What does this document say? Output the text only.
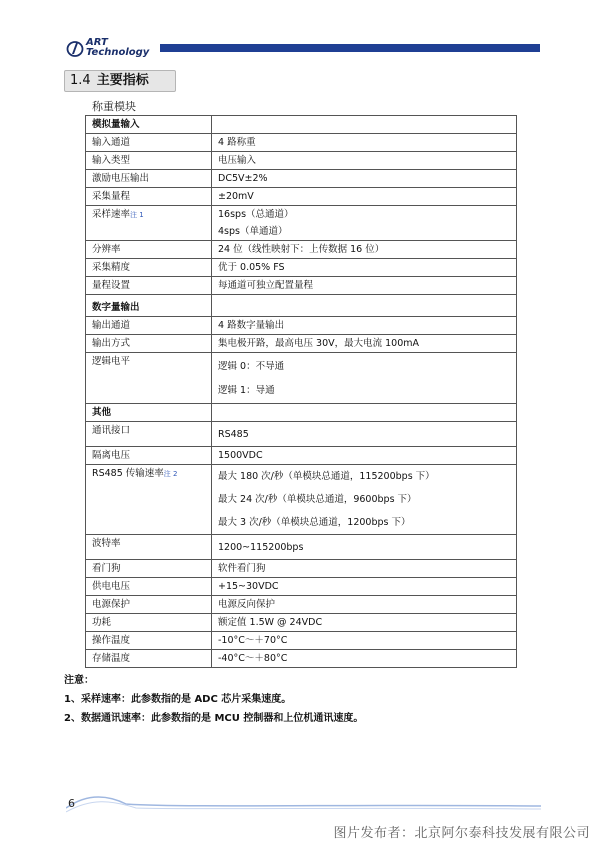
ART
Technology
1.4 主要指标
称重模块
模拟量输入	
输入通道	4 路称重
输入类型	电压输入
激励电压输出	DC5V±2%
采集量程	±20mV
采样速率注 1	16sps（总通道）
4sps（单通道）

分辨率	24 位（线性映射下：上传数据 16 位）
采集精度	优于 0.05% FS
量程设置	每通道可独立配置量程
数字量输出	
输出通道	4 路数字量输出
输出方式	集电极开路，最高电压 30V，最大电流 100mA
逻辑电平	逻辑 0：不导通
逻辑 1：导通

其他	
通讯接口	RS485
隔离电压	1500VDC
RS485 传输速率注 2	最大 180 次/秒（单模块总通道，115200bps 下）
最大 24 次/秒（单模块总通道，9600bps 下）
最大 3 次/秒（单模块总通道，1200bps 下）

波特率	1200~115200bps
看门狗	软件看门狗
供电电压	+15~30VDC
电源保护	电源反向保护
功耗	额定值 1.5W @ 24VDC
操作温度	-10°C～＋70°C
存储温度	-40°C～＋80°C
注意：
1、采样速率：此参数指的是 ADC 芯片采集速度。
2、数据通讯速率：此参数指的是 MCU 控制器和上位机通讯速度。
6
图片发布者：北京阿尔泰科技发展有限公司
